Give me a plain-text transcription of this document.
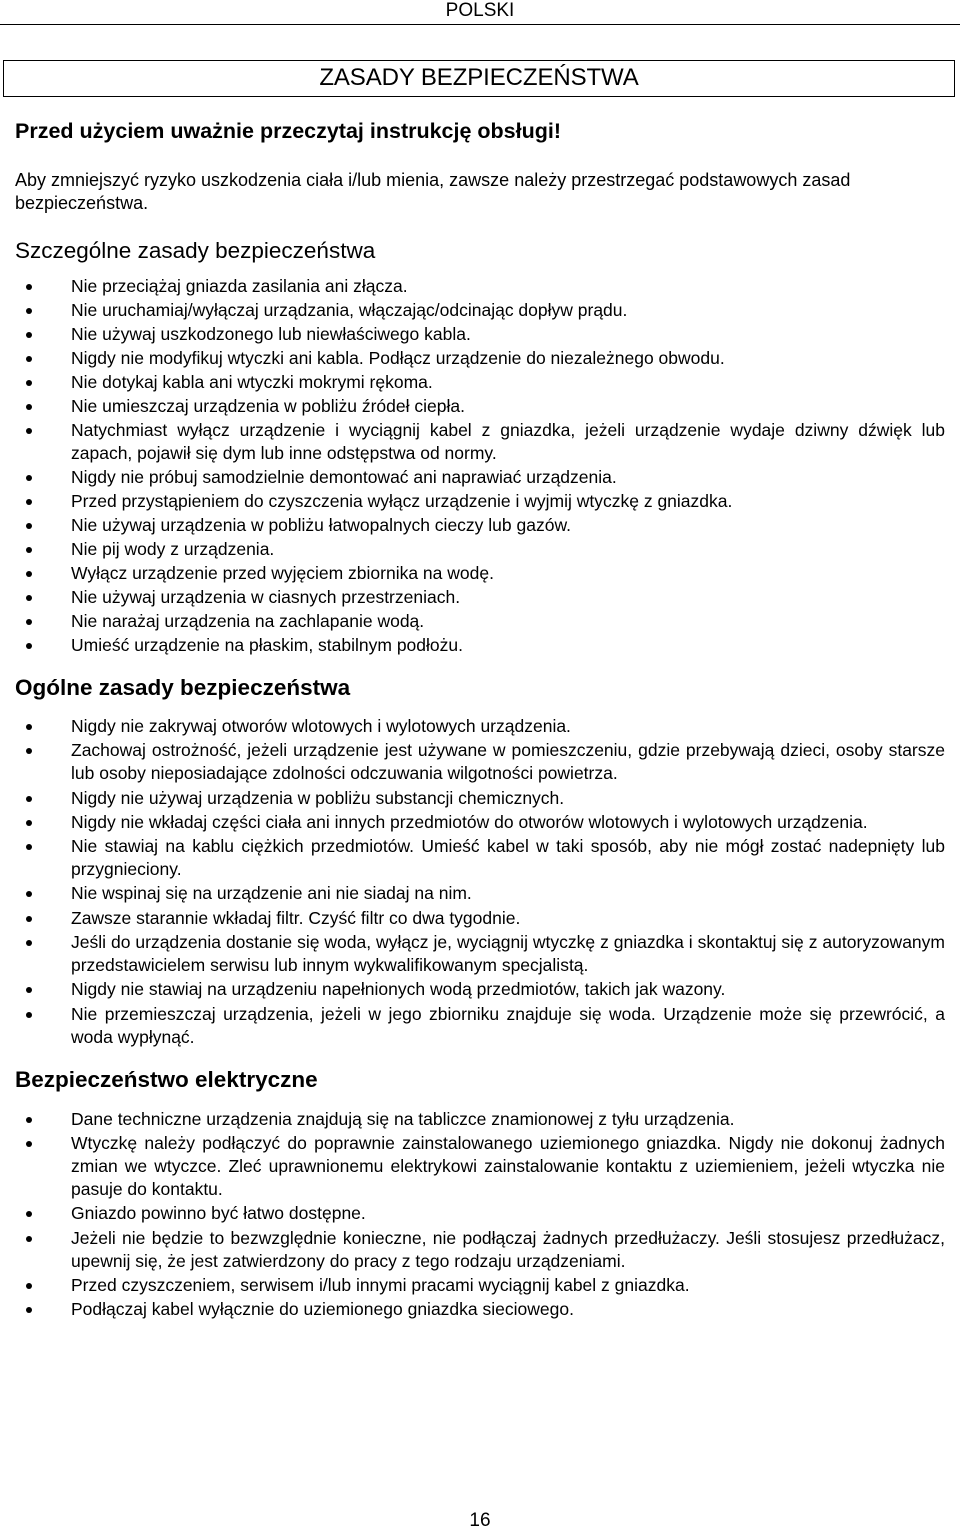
POLSKI
ZASADY BEZPIECZEŃSTWA

Przed użyciem uważnie przeczytaj instrukcję obsługi!

Aby zmniejszyć ryzyko uszkodzenia ciała i/lub mienia, zawsze należy przestrzegać podstawowych zasad bezpieczeństwa.

Szczególne zasady bezpieczeństwa
Nie przeciążaj gniazda zasilania ani złącza.
Nie uruchamiaj/wyłączaj urządzania, włączając/odcinając dopływ prądu.
Nie używaj uszkodzonego lub niewłaściwego kabla.
Nigdy nie modyfikuj wtyczki ani kabla. Podłącz urządzenie do niezależnego obwodu.
Nie dotykaj kabla ani wtyczki mokrymi rękoma.
Nie umieszczaj urządzenia w pobliżu źródeł ciepła.
Natychmiast wyłącz urządzenie i wyciągnij kabel z gniazdka, jeżeli urządzenie wydaje dziwny dźwięk lub zapach, pojawił się dym lub inne odstępstwa od normy.
Nigdy nie próbuj samodzielnie demontować ani naprawiać urządzenia.
Przed przystąpieniem do czyszczenia wyłącz urządzenie i wyjmij wtyczkę z gniazdka.
Nie używaj urządzenia w pobliżu łatwopalnych cieczy lub gazów.
Nie pij wody z urządzenia.
Wyłącz urządzenie przed wyjęciem zbiornika na wodę.
Nie używaj urządzenia w ciasnych przestrzeniach.
Nie narażaj urządzenia na zachlapanie wodą.
Umieść urządzenie na płaskim, stabilnym podłożu.
Ogólne zasady bezpieczeństwa
Nigdy nie zakrywaj otworów wlotowych i wylotowych urządzenia.
Zachowaj ostrożność, jeżeli urządzenie jest używane w pomieszczeniu, gdzie przebywają dzieci, osoby starsze lub osoby nieposiadające zdolności odczuwania wilgotności powietrza.
Nigdy nie używaj urządzenia w pobliżu substancji chemicznych.
Nigdy nie wkładaj części ciała ani innych przedmiotów do otworów wlotowych i wylotowych urządzenia.
Nie stawiaj na kablu ciężkich przedmiotów. Umieść kabel w taki sposób, aby nie mógł zostać nadepnięty lub przygnieciony.
Nie wspinaj się na urządzenie ani nie siadaj na nim.
Zawsze starannie wkładaj filtr. Czyść filtr co dwa tygodnie.
Jeśli do urządzenia dostanie się woda, wyłącz je, wyciągnij wtyczkę z gniazdka i skontaktuj się z autoryzowanym przedstawicielem serwisu lub innym wykwalifikowanym specjalistą.
Nigdy nie stawiaj na urządzeniu napełnionych wodą przedmiotów, takich jak wazony.
Nie przemieszczaj urządzenia, jeżeli w jego zbiorniku znajduje się woda. Urządzenie może się przewrócić, a woda wypłynąć.
Bezpieczeństwo elektryczne
Dane techniczne urządzenia znajdują się na tabliczce znamionowej z tyłu urządzenia.
Wtyczkę należy podłączyć do poprawnie zainstalowanego uziemionego gniazdka. Nigdy nie dokonuj żadnych zmian we wtyczce. Zleć uprawnionemu elektrykowi zainstalowanie kontaktu z uziemieniem, jeżeli wtyczka nie pasuje do kontaktu.
Gniazdo powinno być łatwo dostępne.
Jeżeli nie będzie to bezwzględnie konieczne, nie podłączaj żadnych przedłużaczy. Jeśli stosujesz przedłużacz, upewnij się, że jest zatwierdzony do pracy z tego rodzaju urządzeniami.
Przed czyszczeniem, serwisem i/lub innymi pracami wyciągnij kabel z gniazdka.
Podłączaj kabel wyłącznie do uziemionego gniazdka sieciowego.
16
